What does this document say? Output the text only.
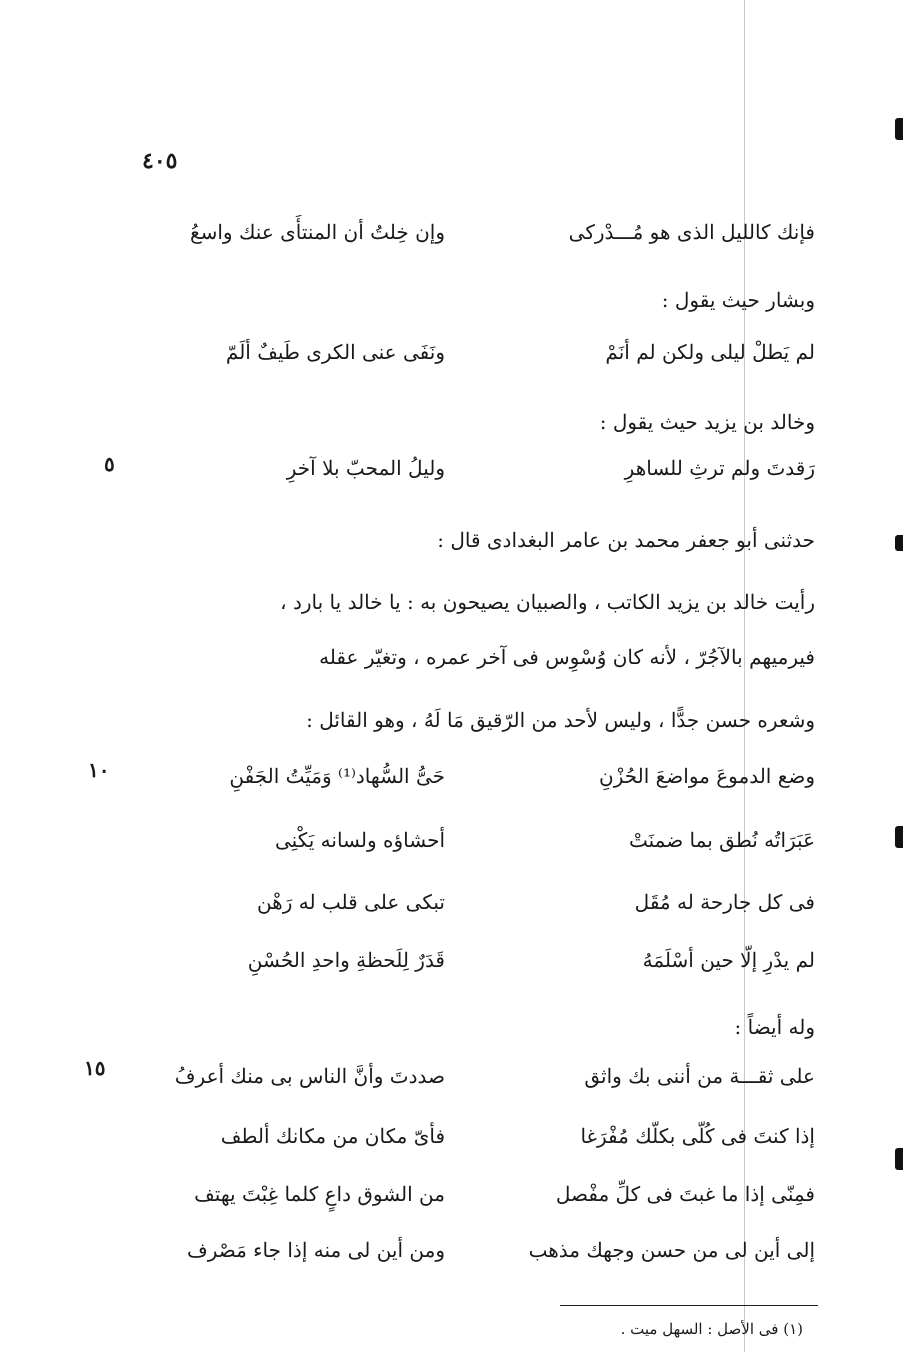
٤٠٥
٥
١٠
١٥
فإنك كالليل الذى هو مُـــدْركى
وإن خِلتُ أن المنتأَى عنك واسعُ
وبشار حيث يقول :
لم يَطلْ ليلى ولكن لم أنَمْ
ونَفَى عنى الكرى طَيفٌ ألَمّ
وخالد بن يزيد حيث يقول :
رَقدتَ ولم ترثِ للساهرِ
وليلُ المحبّ بلا آخرِ
حدثنى أبو جعفر محمد بن عامر البغدادى قال :
رأيت خالد بن يزيد الكاتب ، والصبيان يصيحون به : يا خالد يا بارد ،
فيرميهم بالآجُرّ ، لأنه كان وُسْوِس فى آخر عمره ، وتغيّر عقله
وشعره حسن جدًّا ، وليس لأحد من الرّقيق مَا لَهُ ، وهو القائل :
وضع الدموعَ مواضعَ الحُزْنِ
حَىُّ السُّهاد⁽¹⁾ وَمَيِّتُ الجَفْنِ
عَبَرَاتُه نُطق بما ضمنَتْ
أحشاؤه ولسانه يَكْنِى
فى كل جارحة له مُقَل
تبكى على قلب له رَهْن
لم يدْرِ إلّا حين أسْلَمَهُ
قَدَرٌ لِلَحظةِ واحدِ الحُسْنِ
وله أيضاً :
على ثقـــة من أننى بك واثق
صددتَ وأنَّ الناس بى منك أعرفُ
إذا كنتَ فى كُلّى بكلّك مُفْرَغا
فأىّ مكان من مكانك ألطف
فمِنّى إذا ما غبتَ فى كلِّ مفْصل
من الشوق داعٍ كلما غِبْتَ يهتف
إلى أين لى من حسن وجهك مذهب
ومن أين لى منه إذا جاء مَصْرف
(١) فى الأصل : السهل ميت .
